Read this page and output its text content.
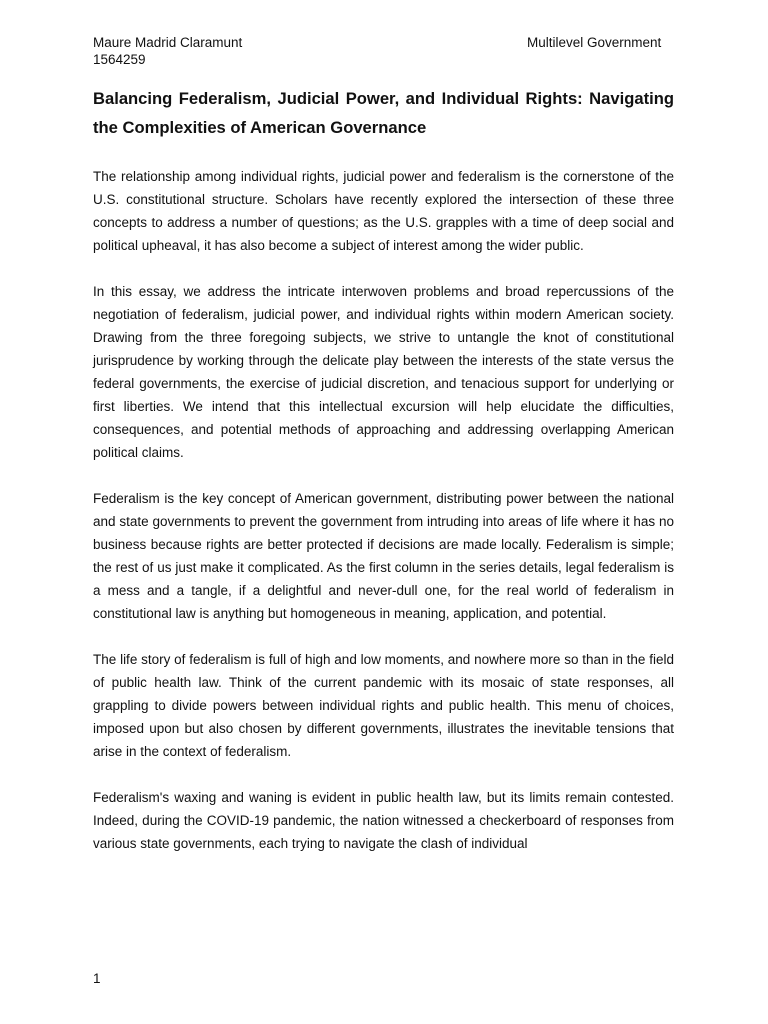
Maure Madrid Claramunt
1564259
Multilevel Government
Balancing Federalism, Judicial Power, and Individual Rights: Navigating the Complexities of American Governance

The relationship among individual rights, judicial power and federalism is the cornerstone of the U.S. constitutional structure. Scholars have recently explored the intersection of these three concepts to address a number of questions; as the U.S. grapples with a time of deep social and political upheaval, it has also become a subject of interest among the wider public.

In this essay, we address the intricate interwoven problems and broad repercussions of the negotiation of federalism, judicial power, and individual rights within modern American society. Drawing from the three foregoing subjects, we strive to untangle the knot of constitutional jurisprudence by working through the delicate play between the interests of the state versus the federal governments, the exercise of judicial discretion, and tenacious support for underlying or first liberties. We intend that this intellectual excursion will help elucidate the difficulties, consequences, and potential methods of approaching and addressing overlapping American political claims.

Federalism is the key concept of American government, distributing power between the national and state governments to prevent the government from intruding into areas of life where it has no business because rights are better protected if decisions are made locally. Federalism is simple; the rest of us just make it complicated. As the first column in the series details, legal federalism is a mess and a tangle, if a delightful and never-dull one, for the real world of federalism in constitutional law is anything but homogeneous in meaning, application, and potential.

The life story of federalism is full of high and low moments, and nowhere more so than in the field of public health law. Think of the current pandemic with its mosaic of state responses, all grappling to divide powers between individual rights and public health. This menu of choices, imposed upon but also chosen by different governments, illustrates the inevitable tensions that arise in the context of federalism.

Federalism's waxing and waning is evident in public health law, but its limits remain contested. Indeed, during the COVID-19 pandemic, the nation witnessed a checkerboard of responses from various state governments, each trying to navigate the clash of individual

1
